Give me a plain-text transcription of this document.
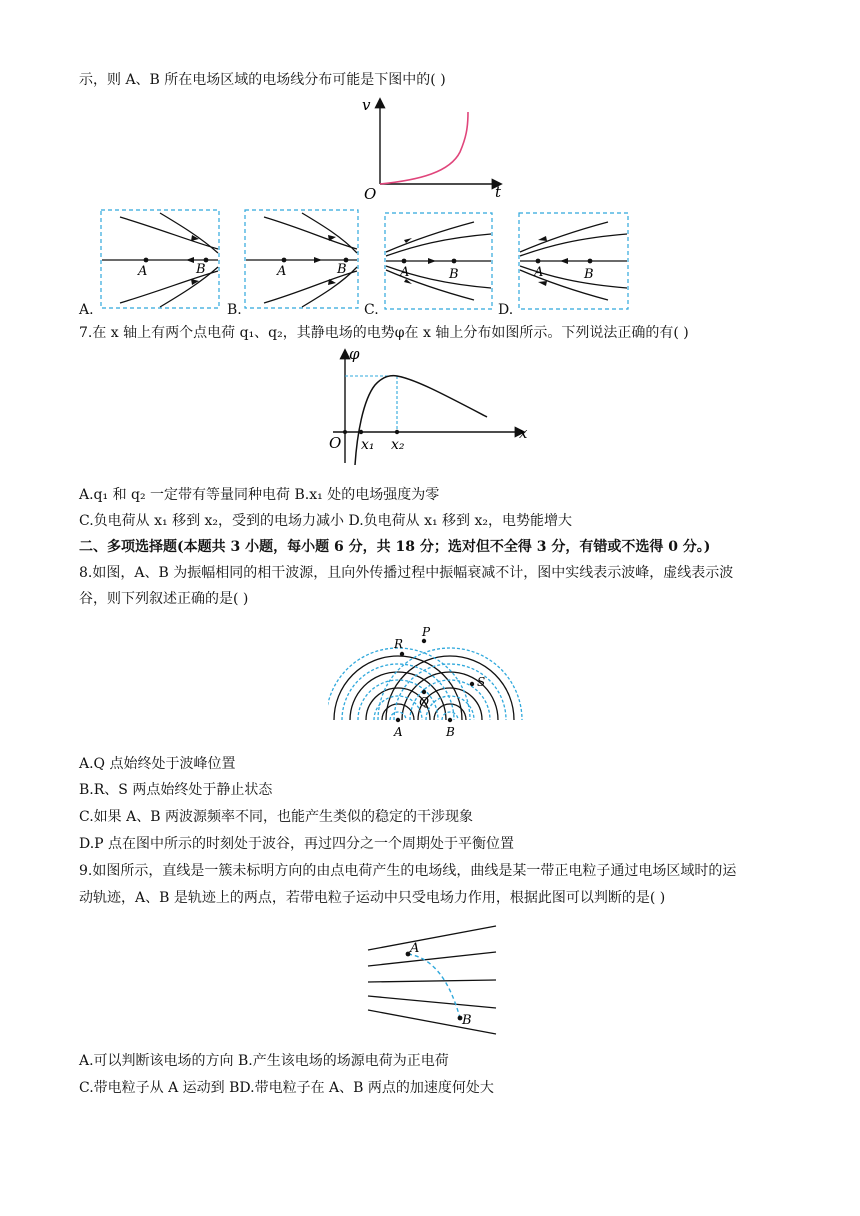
示，则 A、B 所在电场区域的电场线分布可能是下图中的( )
v
t
O
A.
A	B
B.
A	B
C.
A	B
D.
A	B
7.在 x 轴上有两个点电荷 q₁、q₂，其静电场的电势φ在 x 轴上分布如图所示。下列说法正确的有( )
φ
x
O x₁ x₂
A.q₁ 和 q₂ 一定带有等量同种电荷 B.x₁ 处的电场强度为零
C.负电荷从 x₁ 移到 x₂，受到的电场力减小 D.负电荷从 x₁ 移到 x₂，电势能增大
二、多项选择题(本题共 3 小题，每小题 6 分，共 18 分；选对但不全得 3 分，有错或不选得 0 分。)
8.如图，A、B 为振幅相同的相干波源，且向外传播过程中振幅衰减不计，图中实线表示波峰，虚线表示波
谷，则下列叙述正确的是( )
A	B
Q
R
P
S
A.Q 点始终处于波峰位置
B.R、S 两点始终处于静止状态
C.如果 A、B 两波源频率不同，也能产生类似的稳定的干涉现象
D.P 点在图中所示的时刻处于波谷，再过四分之一个周期处于平衡位置
9.如图所示，直线是一簇未标明方向的由点电荷产生的电场线，曲线是某一带正电粒子通过电场区域时的运
动轨迹，A、B 是轨迹上的两点，若带电粒子运动中只受电场力作用，根据此图可以判断的是( )
A
B
A.可以判断该电场的方向 B.产生该电场的场源电荷为正电荷
C.带电粒子从 A 运动到 BD.带电粒子在 A、B 两点的加速度何处大
